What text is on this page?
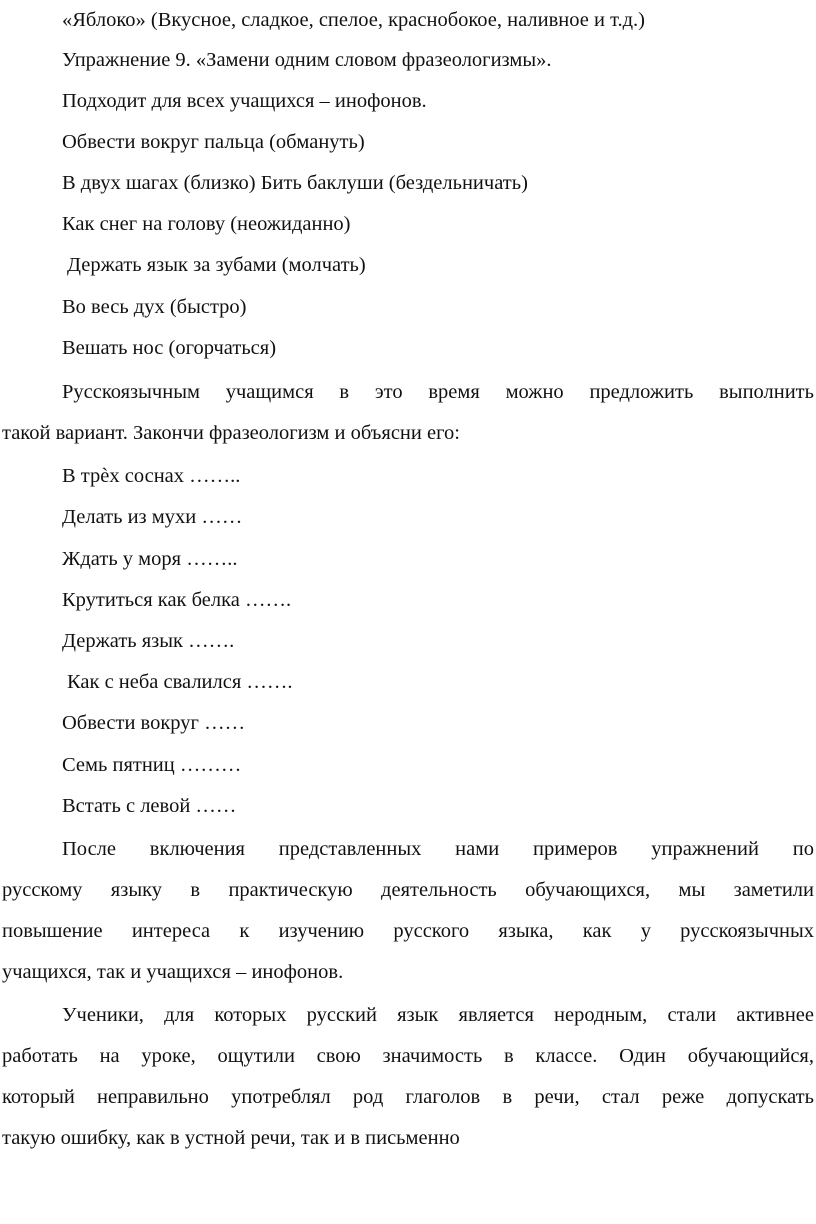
«Яблоко» (Вкусное, сладкое, спелое, краснобокое, наливное и т.д.)
Упражнение 9. «Замени одним словом фразеологизмы».
Подходит для всех учащихся – инофонов.
Обвести вокруг пальца (обмануть)
В двух шагах (близко) Бить баклуши (бездельничать)
Как снег на голову (неожиданно)
Держать язык за зубами (молчать)
Во весь дух (быстро)
Вешать нос (огорчаться)
Русскоязычным учащимся в это время можно предложить выполнить
такой вариант. Закончи фразеологизм и объясни его:
В трѐх соснах ……..
Делать из мухи ……
Ждать у моря ……..
Крутиться как белка …….
Держать язык …….
Как с неба свалился …….
Обвести вокруг ……
Семь пятниц ………
Встать с левой ……
После включения представленных нами примеров упражнений по
русскому языку в практическую деятельность обучающихся, мы заметили
повышение интереса к изучению русского языка, как у русскоязычных
учащихся, так и учащихся – инофонов.
Ученики, для которых русский язык является неродным, стали активнее
работать на уроке, ощутили свою значимость в классе. Один обучающийся,
который неправильно употреблял род глаголов в речи, стал реже допускать
такую ошибку, как в устной речи, так и в письменно
